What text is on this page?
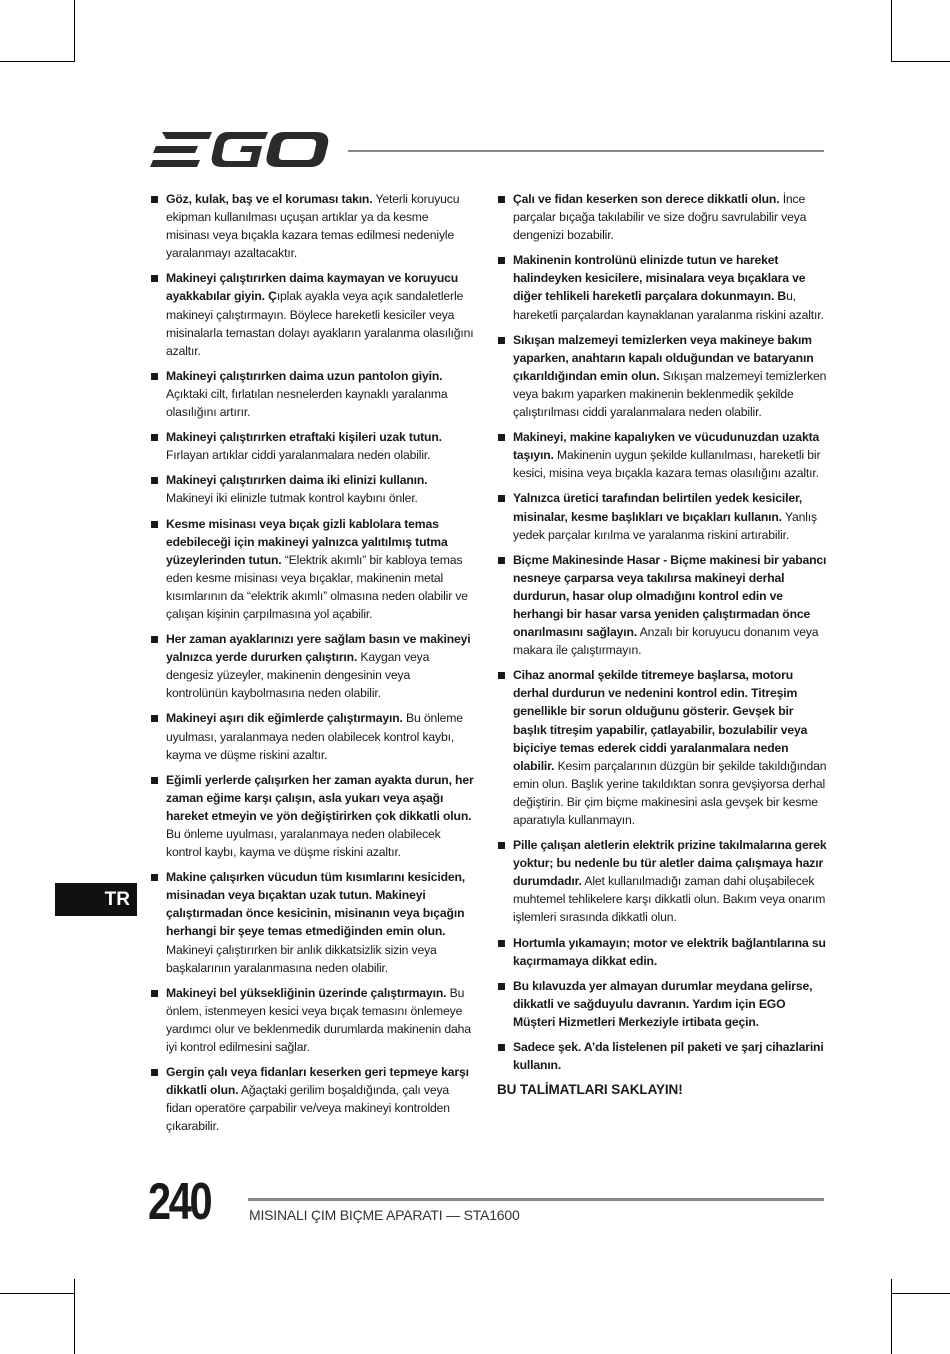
Göz, kulak, baş ve el koruması takın. Yeterli koruyucu ekipman kullanılması uçuşan artıklar ya da kesme misinası veya bıçakla kazara temas edilmesi nedeniyle yaralanmayı azaltacaktır.
Makineyi çalıştırırken daima kaymayan ve koruyucu ayakkabılar giyin. Çıplak ayakla veya açık sandaletlerle makineyi çalıştırmayın. Böylece hareketli kesiciler veya misinalarla temastan dolayı ayakların yaralanma olasılığını azaltır.
Makineyi çalıştırırken daima uzun pantolon giyin. Açıktaki cilt, fırlatılan nesnelerden kaynaklı yaralanma olasılığını artırır.
Makineyi çalıştırırken etraftaki kişileri uzak tutun. Fırlayan artıklar ciddi yaralanmalara neden olabilir.
Makineyi çalıştırırken daima iki elinizi kullanın. Makineyi iki elinizle tutmak kontrol kaybını önler.
Kesme misinası veya bıçak gizli kablolara temas edebileceği için makineyi yalnızca yalıtılmış tutma yüzeylerinden tutun. “Elektrik akımlı” bir kabloya temas eden kesme misinası veya bıçaklar, makinenin metal kısımlarının da “elektrik akımlı” olmasına neden olabilir ve çalışan kişinin çarpılmasına yol açabilir.
Her zaman ayaklarınızı yere sağlam basın ve makineyi yalnızca yerde dururken çalıştırın. Kaygan veya dengesiz yüzeyler, makinenin dengesinin veya kontrolünün kaybolmasına neden olabilir.
Makineyi aşırı dik eğimlerde çalıştırmayın. Bu önleme uyulması, yaralanmaya neden olabilecek kontrol kaybı, kayma ve düşme riskini azaltır.
Eğimli yerlerde çalışırken her zaman ayakta durun, her zaman eğime karşı çalışın, asla yukarı veya aşağı hareket etmeyin ve yön değiştirirken çok dikkatli olun. Bu önleme uyulması, yaralanmaya neden olabilecek kontrol kaybı, kayma ve düşme riskini azaltır.
Makine çalışırken vücudun tüm kısımlarını kesiciden, misinadan veya bıçaktan uzak tutun. Makineyi çalıştırmadan önce kesicinin, misinanın veya bıçağın herhangi bir şeye temas etmediğinden emin olun. Makineyi çalıştırırken bir anlık dikkatsizlik sizin veya başkalarının yaralanmasına neden olabilir.
Makineyi bel yüksekliğinin üzerinde çalıştırmayın. Bu önlem, istenmeyen kesici veya bıçak temasını önlemeye yardımcı olur ve beklenmedik durumlarda makinenin daha iyi kontrol edilmesini sağlar.
Gergin çalı veya fidanları keserken geri tepmeye karşı dikkatli olun. Ağaçtaki gerilim boşaldığında, çalı veya fidan operatöre çarpabilir ve/veya makineyi kontrolden çıkarabilir.
Çalı ve fidan keserken son derece dikkatli olun. İnce parçalar bıçağa takılabilir ve size doğru savrulabilir veya dengenizi bozabilir.
Makinenin kontrolünü elinizde tutun ve hareket halindeyken kesicilere, misinalara veya bıçaklara ve diğer tehlikeli hareketli parçalara dokunmayın. Bu, hareketli parçalardan kaynaklanan yaralanma riskini azaltır.
Sıkışan malzemeyi temizlerken veya makineye bakım yaparken, anahtarın kapalı olduğundan ve bataryanın çıkarıldığından emin olun. Sıkışan malzemeyi temizlerken veya bakım yaparken makinenin beklenmedik şekilde çalıştırılması ciddi yaralanmalara neden olabilir.
Makineyi, makine kapalıyken ve vücudunuzdan uzakta taşıyın. Makinenin uygun şekilde kullanılması, hareketli bir kesici, misina veya bıçakla kazara temas olasılığını azaltır.
Yalnızca üretici tarafından belirtilen yedek kesiciler, misinalar, kesme başlıkları ve bıçakları kullanın. Yanlış yedek parçalar kırılma ve yaralanma riskini artırabilir.
Biçme Makinesinde Hasar - Biçme makinesi bir yabancı nesneye çarparsa veya takılırsa makineyi derhal durdurun, hasar olup olmadığını kontrol edin ve herhangi bir hasar varsa yeniden çalıştırmadan önce onarılmasını sağlayın. Anzalı bir koruyucu donanım veya makara ile çalıştırmayın.
Cihaz anormal şekilde titremeye başlarsa, motoru derhal durdurun ve nedenini kontrol edin. Titreşim genellikle bir sorun olduğunu gösterir. Gevşek bir başlık titreşim yapabilir, çatlayabilir, bozulabilir veya biçiciye temas ederek ciddi yaralanmalara neden olabilir. Kesim parçalarının düzgün bir şekilde takıldığından emin olun. Başlık yerine takıldıktan sonra gevşiyorsa derhal değiştirin. Bir çim biçme makinesini asla gevşek bir kesme aparatıyla kullanmayın.
Pille çalışan aletlerin elektrik prizine takılmalarına gerek yoktur; bu nedenle bu tür aletler daima çalışmaya hazır durumdadır. Alet kullanılmadığı zaman dahi oluşabilecek muhtemel tehlikelere karşı dikkatli olun. Bakım veya onarım işlemleri sırasında dikkatli olun.
Hortumla yıkamayın; motor ve elektrik bağlantılarına su kaçırmamaya dikkat edin.
Bu kılavuzda yer almayan durumlar meydana gelirse, dikkatli ve sağduyulu davranın. Yardım için EGO Müşteri Hizmetleri Merkeziyle irtibata geçin.
Sadece şek. A’da listelenen pil paketi ve şarj cihazlarini kullanın.
BU TALİMATLARI SAKLAYIN!
TR
240	MISINALI ÇIM BIÇME APARATI — STA1600
